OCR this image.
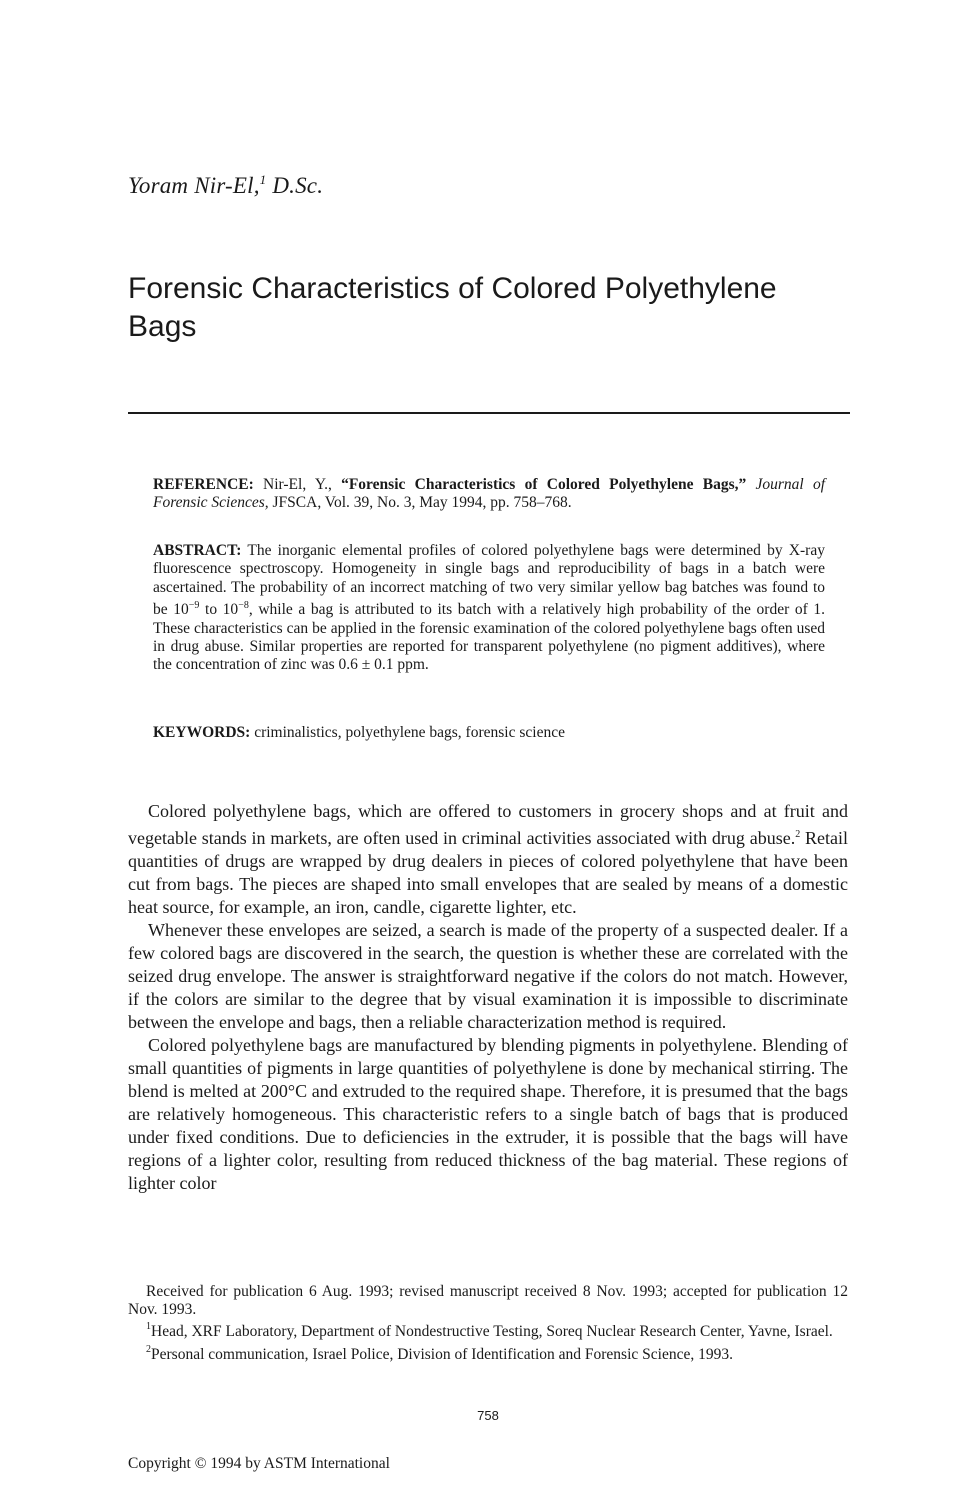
Yoram Nir-El,$^1$ D.Sc.
Forensic Characteristics of Colored Polyethylene Bags
REFERENCE: Nir-El, Y., “Forensic Characteristics of Colored Polyethylene Bags,” Journal of Forensic Sciences, JFSCA, Vol. 39, No. 3, May 1994, pp. 758–768.
ABSTRACT: The inorganic elemental profiles of colored polyethylene bags were determined by X-ray fluorescence spectroscopy. Homogeneity in single bags and reproducibility of bags in a batch were ascertained. The probability of an incorrect matching of two very similar yellow bag batches was found to be $10^{-9}$ to $10^{-8}$, while a bag is attributed to its batch with a relatively high probability of the order of 1. These characteristics can be applied in the forensic examination of the colored polyethylene bags often used in drug abuse. Similar properties are reported for transparent polyethylene (no pigment additives), where the concentration of zinc was 0.6 ± 0.1 ppm.
KEYWORDS: criminalistics, polyethylene bags, forensic science

Colored polyethylene bags, which are offered to customers in grocery shops and at fruit and vegetable stands in markets, are often used in criminal activities associated with drug abuse.$^2$ Retail quantities of drugs are wrapped by drug dealers in pieces of colored polyethylene that have been cut from bags. The pieces are shaped into small envelopes that are sealed by means of a domestic heat source, for example, an iron, candle, cigarette lighter, etc.

Whenever these envelopes are seized, a search is made of the property of a suspected dealer. If a few colored bags are discovered in the search, the question is whether these are correlated with the seized drug envelope. The answer is straightforward negative if the colors do not match. However, if the colors are similar to the degree that by visual examination it is impossible to discriminate between the envelope and bags, then a reliable characterization method is required.

Colored polyethylene bags are manufactured by blending pigments in polyethylene. Blending of small quantities of pigments in large quantities of polyethylene is done by mechanical stirring. The blend is melted at 200°C and extruded to the required shape. Therefore, it is presumed that the bags are relatively homogeneous. This characteristic refers to a single batch of bags that is produced under fixed conditions. Due to deficiencies in the extruder, it is possible that the bags will have regions of a lighter color, resulting from reduced thickness of the bag material. These regions of lighter color

Received for publication 6 Aug. 1993; revised manuscript received 8 Nov. 1993; accepted for publication 12 Nov. 1993.

$^1$Head, XRF Laboratory, Department of Nondestructive Testing, Soreq Nuclear Research Center, Yavne, Israel.

$^2$Personal communication, Israel Police, Division of Identification and Forensic Science, 1993.

758
Copyright © 1994 by ASTM International
